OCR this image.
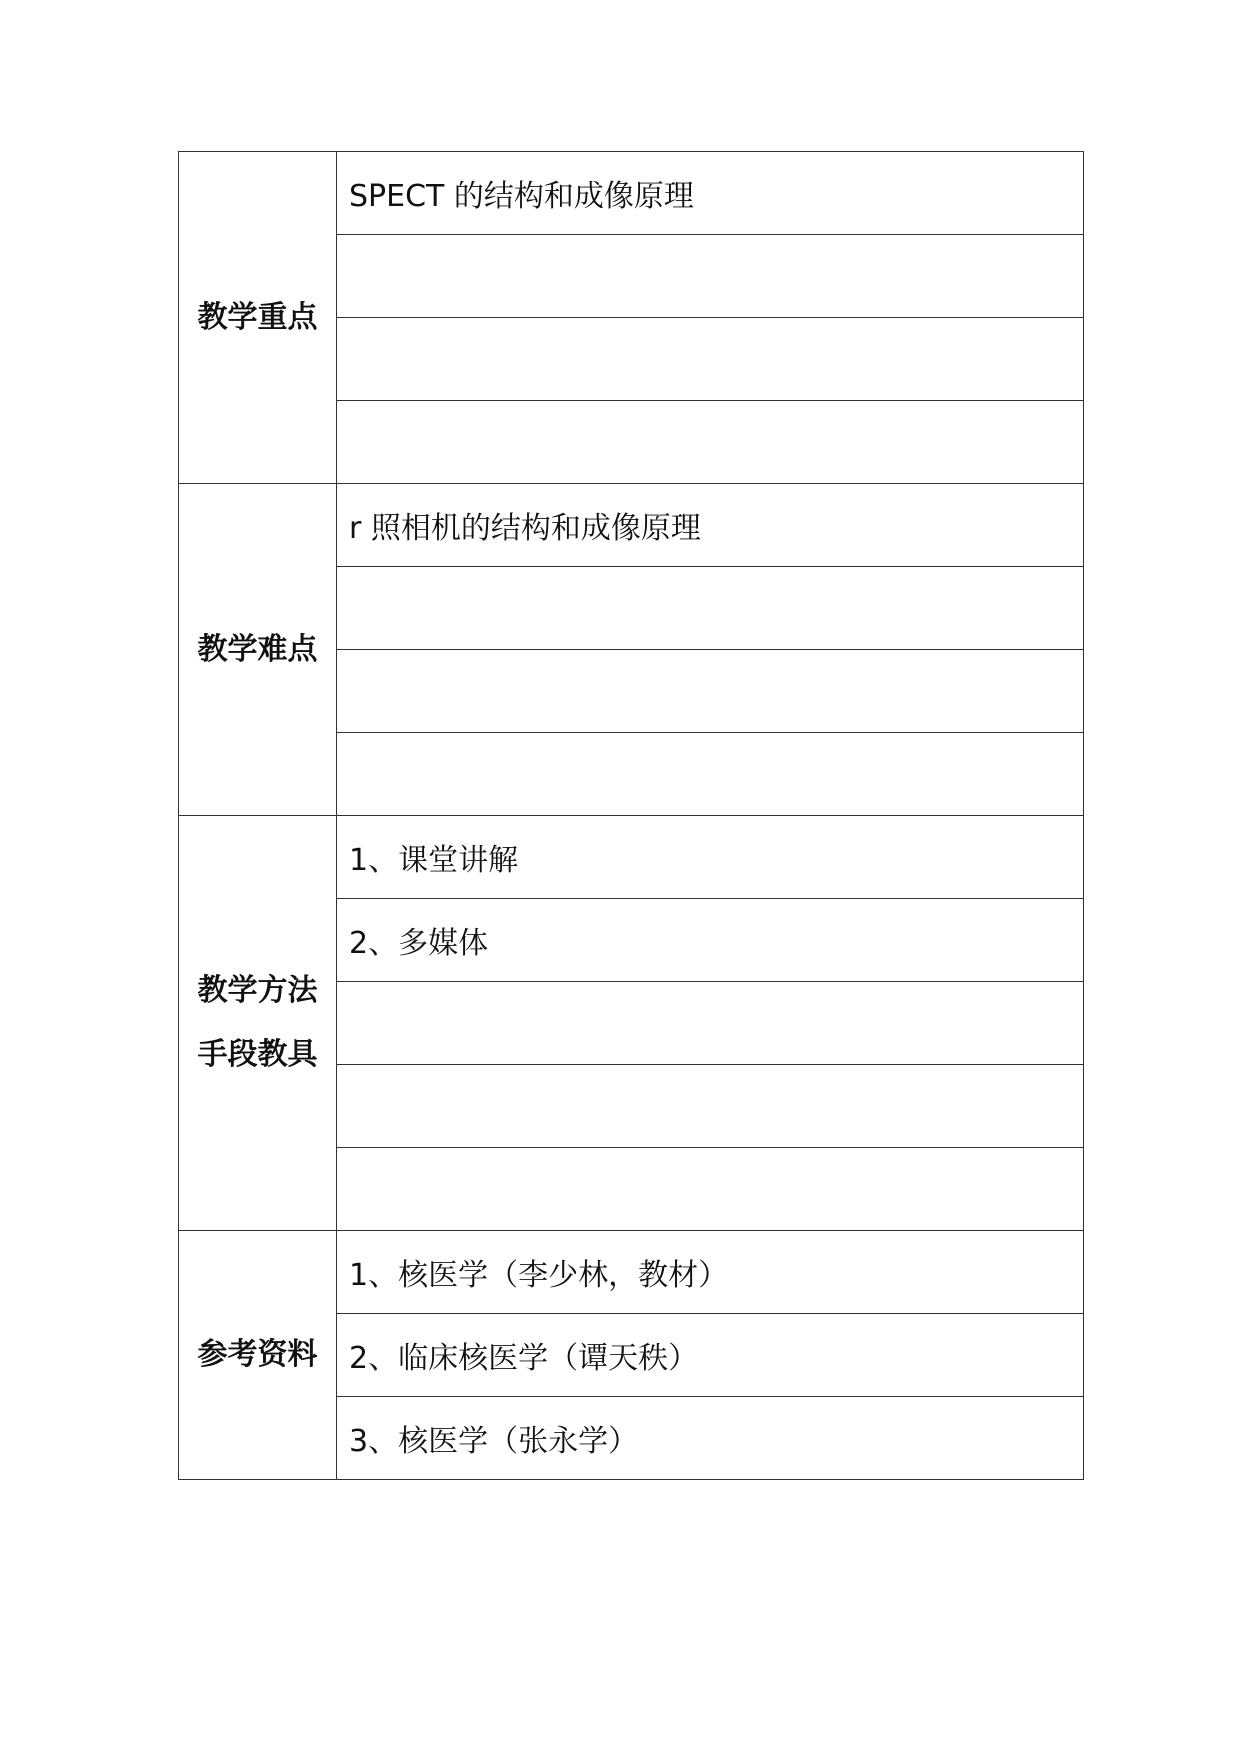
教学重点	SPECT 的结构和成像原理

教学难点	r 照相机的结构和成像原理

教学方法
手段教具	1、课堂讲解
	2、多媒体

参考资料	1、核医学（李少林，教材）
	2、临床核医学（谭天秩）
	3、核医学（张永学）
